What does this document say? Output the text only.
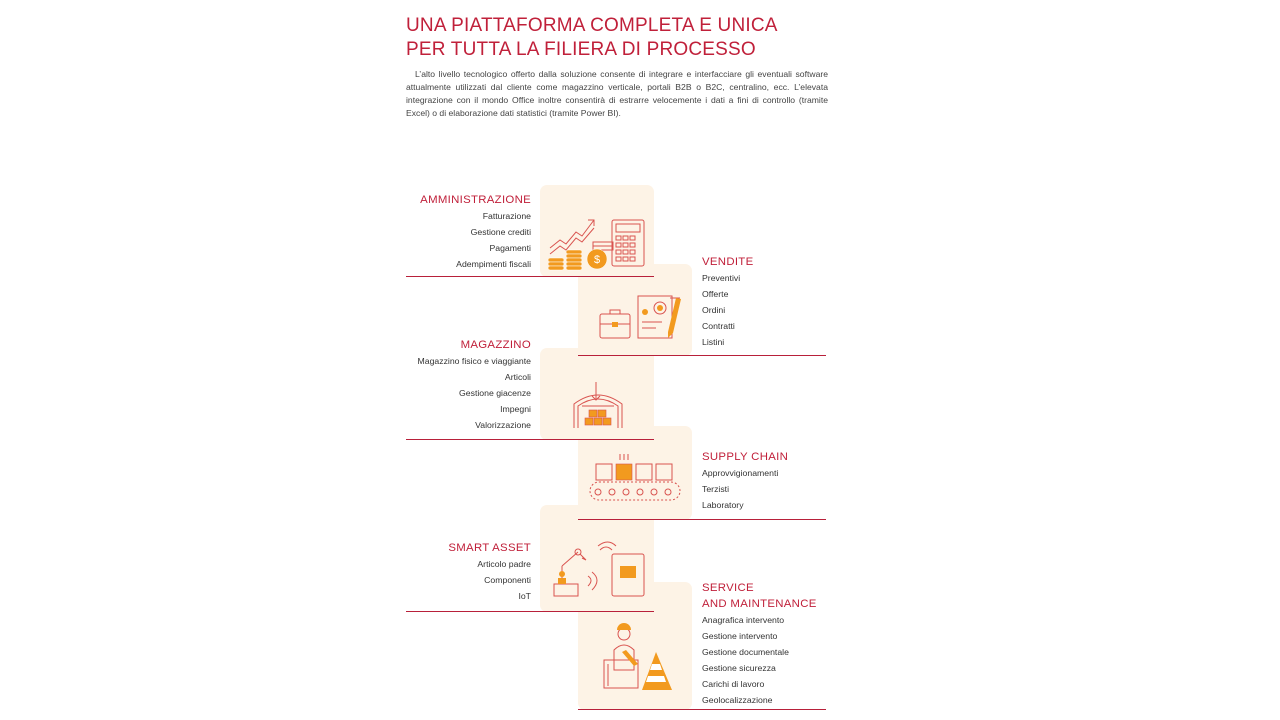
UNA PIATTAFORMA COMPLETA E UNICA
PER TUTTA LA FILIERA DI PROCESSO

L’alto livello tecnologico offerto dalla soluzione consente di integrare e interfacciare gli eventuali software attualmente utilizzati dal cliente come magazzino verticale, portali B2B o B2C, centralino, ecc. L’elevata integrazione con il mondo Office inoltre consentirà di estrarre velocemente i dati a fini di controllo (tramite Excel) o di elaborazione dati statistici (tramite Power BI).

AMMINISTRAZIONE
Fatturazione
Gestione crediti
Pagamenti
Adempimenti fiscali	VENDITE
Preventivi
Offerte
Ordini
Contratti
Listini
MAGAZZINO
Magazzino fisico e viaggiante
Articoli
Gestione giacenze
Impegni
Valorizzazione
SUPPLY CHAIN
Approvvigionamenti
Terzisti
Laboratory
SMART ASSET
Articolo padre
Componenti
IoT
SERVICE
AND MAINTENANCE
Anagrafica intervento
Gestione intervento
Gestione documentale
Gestione sicurezza
Carichi di lavoro
Geolocalizzazione
$
